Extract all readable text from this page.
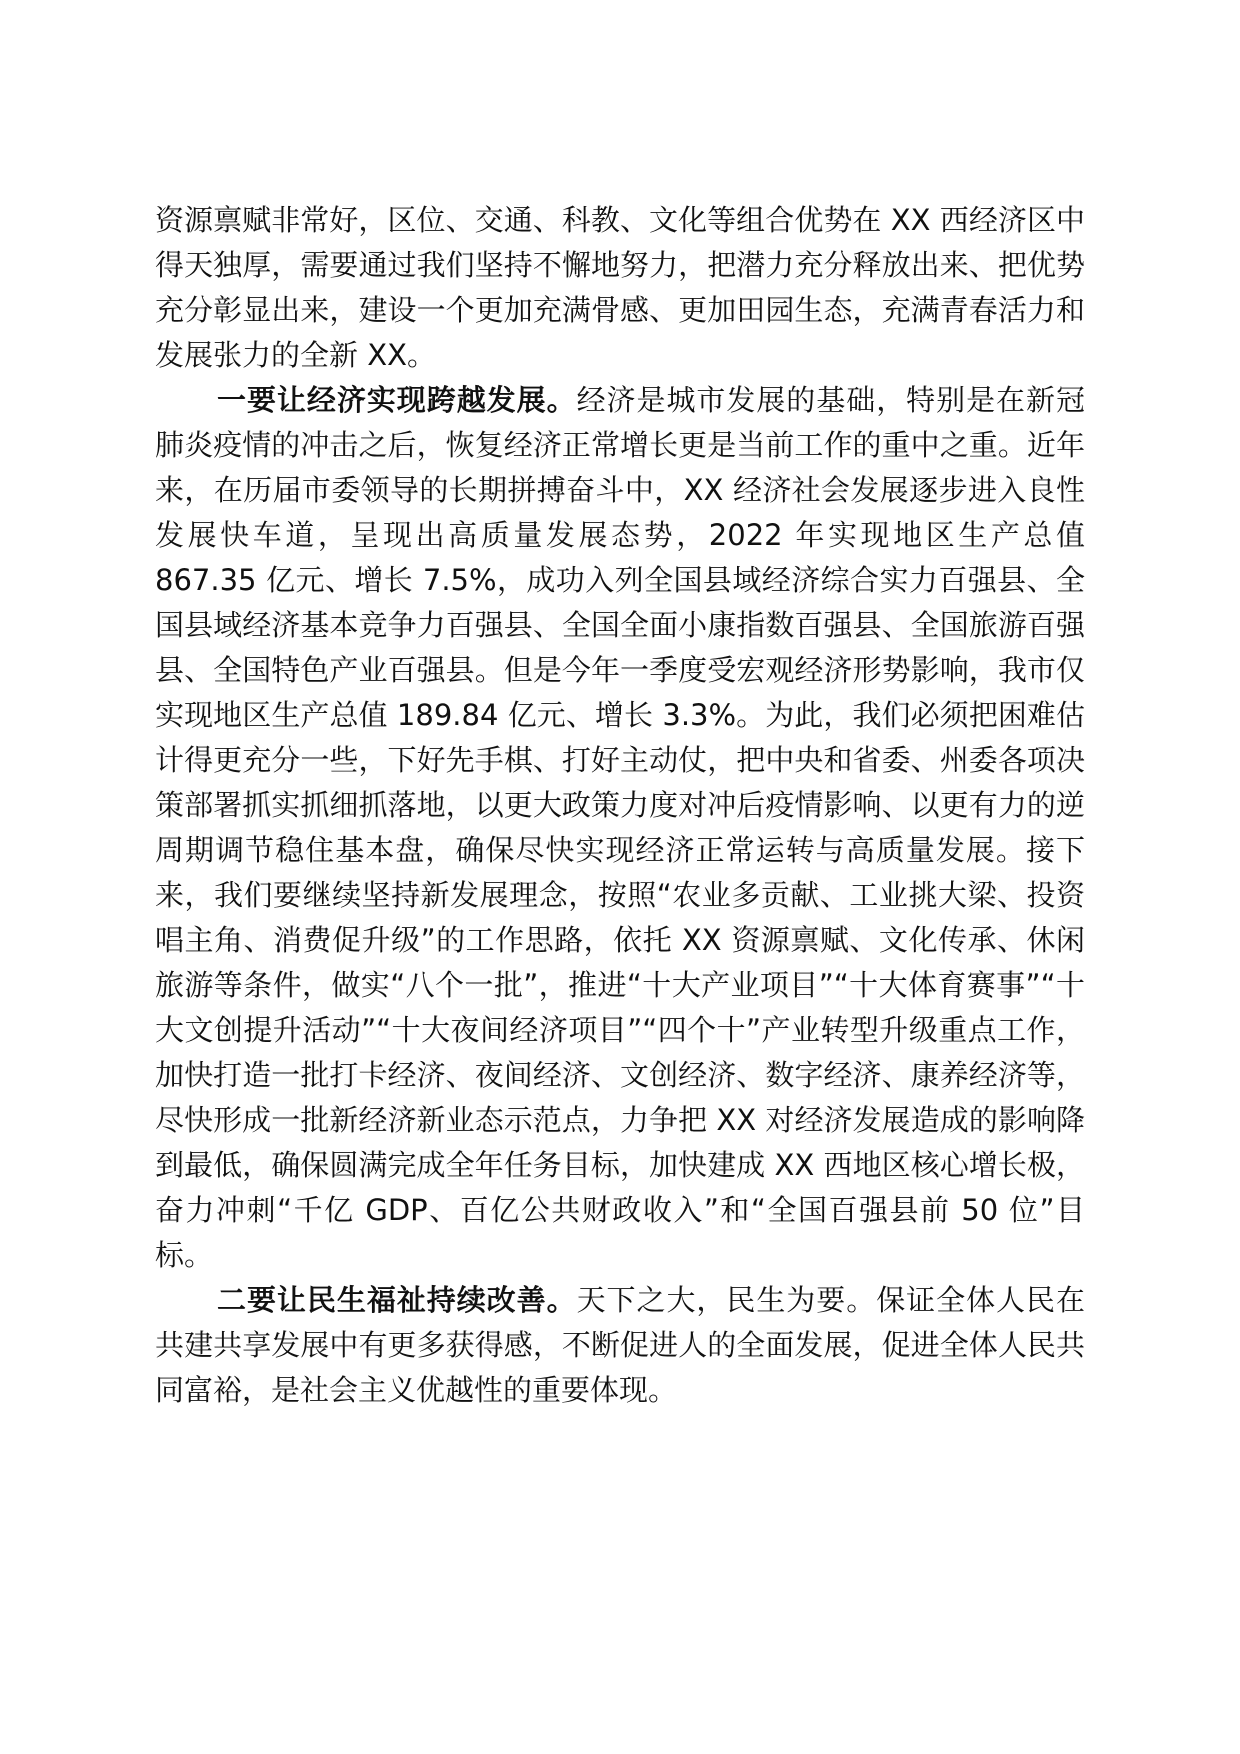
资源禀赋非常好，区位、交通、科教、文化等组合优势在 XX 西经济区中得天独厚，需要通过我们坚持不懈地努力，把潜力充分释放出来、把优势充分彰显出来，建设一个更加充满骨感、更加田园生态，充满青春活力和发展张力的全新 XX。

一要让经济实现跨越发展。经济是城市发展的基础，特别是在新冠肺炎疫情的冲击之后，恢复经济正常增长更是当前工作的重中之重。近年来，在历届市委领导的长期拼搏奋斗中，XX 经济社会发展逐步进入良性发展快车道，呈现出高质量发展态势，2022 年实现地区生产总值 867.35 亿元、增长 7.5%，成功入列全国县域经济综合实力百强县、全国县域经济基本竞争力百强县、全国全面小康指数百强县、全国旅游百强县、全国特色产业百强县。但是今年一季度受宏观经济形势影响，我市仅实现地区生产总值 189.84 亿元、增长 3.3%。为此，我们必须把困难估计得更充分一些，下好先手棋、打好主动仗，把中央和省委、州委各项决策部署抓实抓细抓落地，以更大政策力度对冲后疫情影响、以更有力的逆周期调节稳住基本盘，确保尽快实现经济正常运转与高质量发展。接下来，我们要继续坚持新发展理念，按照“农业多贡献、工业挑大梁、投资唱主角、消费促升级”的工作思路，依托 XX 资源禀赋、文化传承、休闲旅游等条件，做实“八个一批”，推进“十大产业项目”“十大体育赛事”“十大文创提升活动”“十大夜间经济项目”“四个十”产业转型升级重点工作，加快打造一批打卡经济、夜间经济、文创经济、数字经济、康养经济等，尽快形成一批新经济新业态示范点，力争把 XX 对经济发展造成的影响降到最低，确保圆满完成全年任务目标，加快建成 XX 西地区核心增长极，奋力冲刺“千亿 GDP、百亿公共财政收入”和“全国百强县前 50 位”目标。

二要让民生福祉持续改善。天下之大，民生为要。保证全体人民在共建共享发展中有更多获得感，不断促进人的全面发展，促进全体人民共同富裕，是社会主义优越性的重要体现。
